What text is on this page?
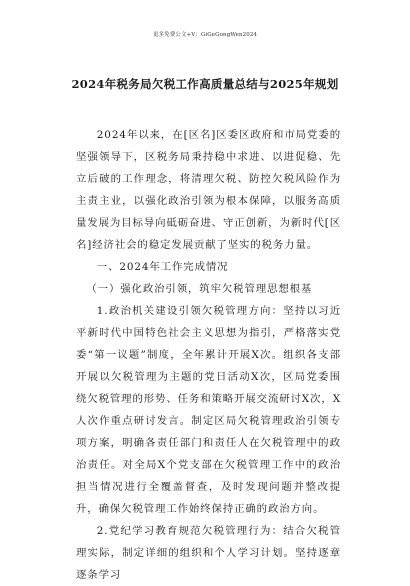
更多免费公文+V：GiGeGongWen2024
2024年税务局欠税工作高质量总结与2025年规划

2024年以来，在[区名]区委区政府和市局党委的坚强领导下，区税务局秉持稳中求进、以进促稳、先立后破的工作理念，将清理欠税、防控欠税风险作为主责主业，以强化政治引领为根本保障，以服务高质量发展为目标导向砥砺奋进、守正创新，为新时代[区名]经济社会的稳定发展贡献了坚实的税务力量。

一、2024年工作完成情况

（一）强化政治引领，筑牢欠税管理思想根基

1.政治机关建设引领欠税管理方向：坚持以习近平新时代中国特色社会主义思想为指引，严格落实党委“第一议题”制度，全年累计开展X次。组织各支部开展以欠税管理为主题的党日活动X次，区局党委围绕欠税管理的形势、任务和策略开展交流研讨X次，X人次作重点研讨发言。制定区局欠税管理政治引领专项方案，明确各责任部门和责任人在欠税管理中的政治责任。对全局X个党支部在欠税管理工作中的政治担当情况进行全覆盖督查，及时发现问题并整改提升，确保欠税管理工作始终保持正确的政治方向。

2.党纪学习教育规范欠税管理行为：结合欠税管理实际，制定详细的组织和个人学习计划。坚持逐章逐条学习
